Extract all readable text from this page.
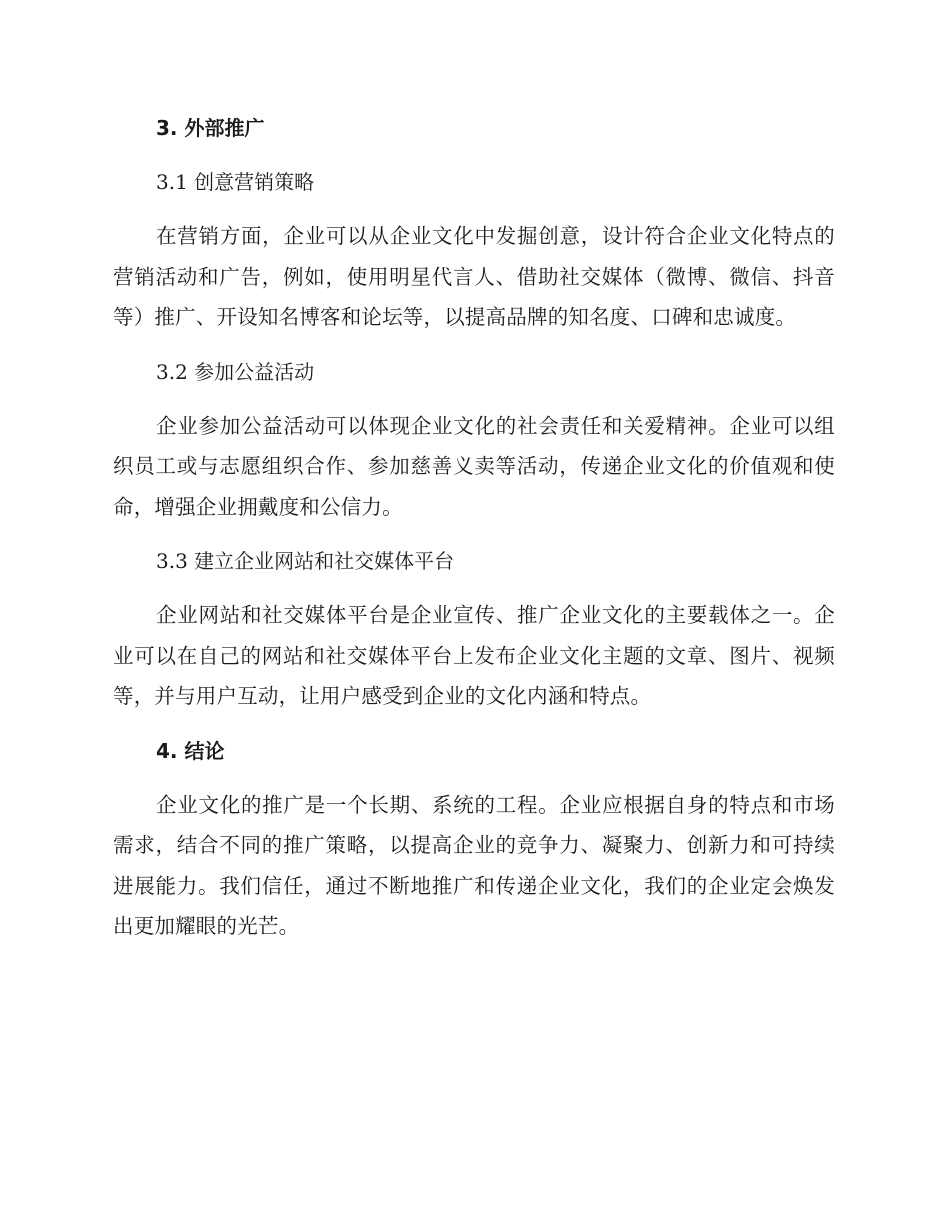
3. 外部推广
3.1 创意营销策略

在营销方面，企业可以从企业文化中发掘创意，设计符合企业文化特点的营销活动和广告，例如，使用明星代言人、借助社交媒体（微博、微信、抖音等）推广、开设知名博客和论坛等，以提高品牌的知名度、口碑和忠诚度。

3.2 参加公益活动

企业参加公益活动可以体现企业文化的社会责任和关爱精神。企业可以组织员工或与志愿组织合作、参加慈善义卖等活动，传递企业文化的价值观和使命，增强企业拥戴度和公信力。

3.3 建立企业网站和社交媒体平台

企业网站和社交媒体平台是企业宣传、推广企业文化的主要载体之一。企业可以在自己的网站和社交媒体平台上发布企业文化主题的文章、图片、视频等，并与用户互动，让用户感受到企业的文化内涵和特点。

4. 结论

企业文化的推广是一个长期、系统的工程。企业应根据自身的特点和市场需求，结合不同的推广策略，以提高企业的竞争力、凝聚力、创新力和可持续进展能力。我们信任，通过不断地推广和传递企业文化，我们的企业定会焕发出更加耀眼的光芒。
